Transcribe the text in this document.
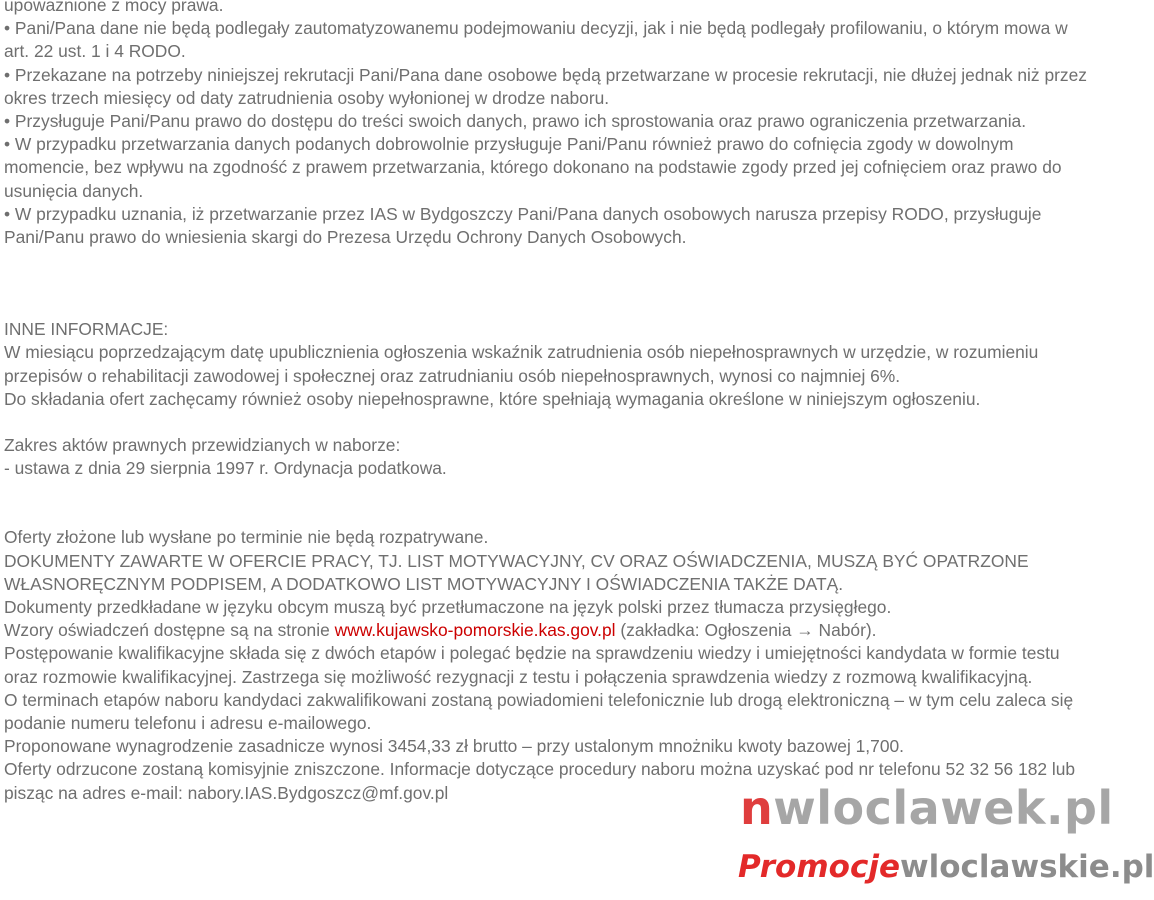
upoważnione z mocy prawa.

• Pani/Pana dane nie będą podlegały zautomatyzowanemu podejmowaniu decyzji, jak i nie będą podlegały profilowaniu, o którym mowa w art. 22 ust. 1 i 4 RODO.

• Przekazane na potrzeby niniejszej rekrutacji Pani/Pana dane osobowe będą przetwarzane w procesie rekrutacji, nie dłużej jednak niż przez okres trzech miesięcy od daty zatrudnienia osoby wyłonionej w drodze naboru.

• Przysługuje Pani/Panu prawo do dostępu do treści swoich danych, prawo ich sprostowania oraz prawo ograniczenia przetwarzania.

• W przypadku przetwarzania danych podanych dobrowolnie przysługuje Pani/Panu również prawo do cofnięcia zgody w dowolnym momencie, bez wpływu na zgodność z prawem przetwarzania, którego dokonano na podstawie zgody przed jej cofnięciem oraz prawo do usunięcia danych.

• W przypadku uznania, iż przetwarzanie przez IAS w Bydgoszczy Pani/Pana danych osobowych narusza przepisy RODO, przysługuje Pani/Panu prawo do wniesienia skargi do Prezesa Urzędu Ochrony Danych Osobowych.

INNE INFORMACJE:

W miesiącu poprzedzającym datę upublicznienia ogłoszenia wskaźnik zatrudnienia osób niepełnosprawnych w urzędzie, w rozumieniu przepisów o rehabilitacji zawodowej i społecznej oraz zatrudnianiu osób niepełnosprawnych, wynosi co najmniej 6%.

Do składania ofert zachęcamy również osoby niepełnosprawne, które spełniają wymagania określone w niniejszym ogłoszeniu.

Zakres aktów prawnych przewidzianych w naborze:

- ustawa z dnia 29 sierpnia 1997 r. Ordynacja podatkowa.

Oferty złożone lub wysłane po terminie nie będą rozpatrywane.

DOKUMENTY ZAWARTE W OFERCIE PRACY, TJ. LIST MOTYWACYJNY, CV ORAZ OŚWIADCZENIA, MUSZĄ BYĆ OPATRZONE WŁASNORĘCZNYM PODPISEM, A DODATKOWO LIST MOTYWACYJNY I OŚWIADCZENIA TAKŻE DATĄ.

Dokumenty przedkładane w języku obcym muszą być przetłumaczone na język polski przez tłumacza przysięgłego.

Wzory oświadczeń dostępne są na stronie www.kujawsko-pomorskie.kas.gov.pl (zakładka: Ogłoszenia → Nabór).

Postępowanie kwalifikacyjne składa się z dwóch etapów i polegać będzie na sprawdzeniu wiedzy i umiejętności kandydata w formie testu oraz rozmowie kwalifikacyjnej. Zastrzega się możliwość rezygnacji z testu i połączenia sprawdzenia wiedzy z rozmową kwalifikacyjną.

O terminach etapów naboru kandydaci zakwalifikowani zostaną powiadomieni telefonicznie lub drogą elektroniczną – w tym celu zaleca się podanie numeru telefonu i adresu e-mailowego.

Proponowane wynagrodzenie zasadnicze wynosi 3454,33 zł brutto – przy ustalonym mnożniku kwoty bazowej 1,700.

Oferty odrzucone zostaną komisyjnie zniszczone. Informacje dotyczące procedury naboru można uzyskać pod nr telefonu 52 32 56 182 lub pisząc na adres e-mail: nabory.IAS.Bydgoszcz@mf.gov.pl	nwloclawek.pl
Promocjewloclawskie.pl
